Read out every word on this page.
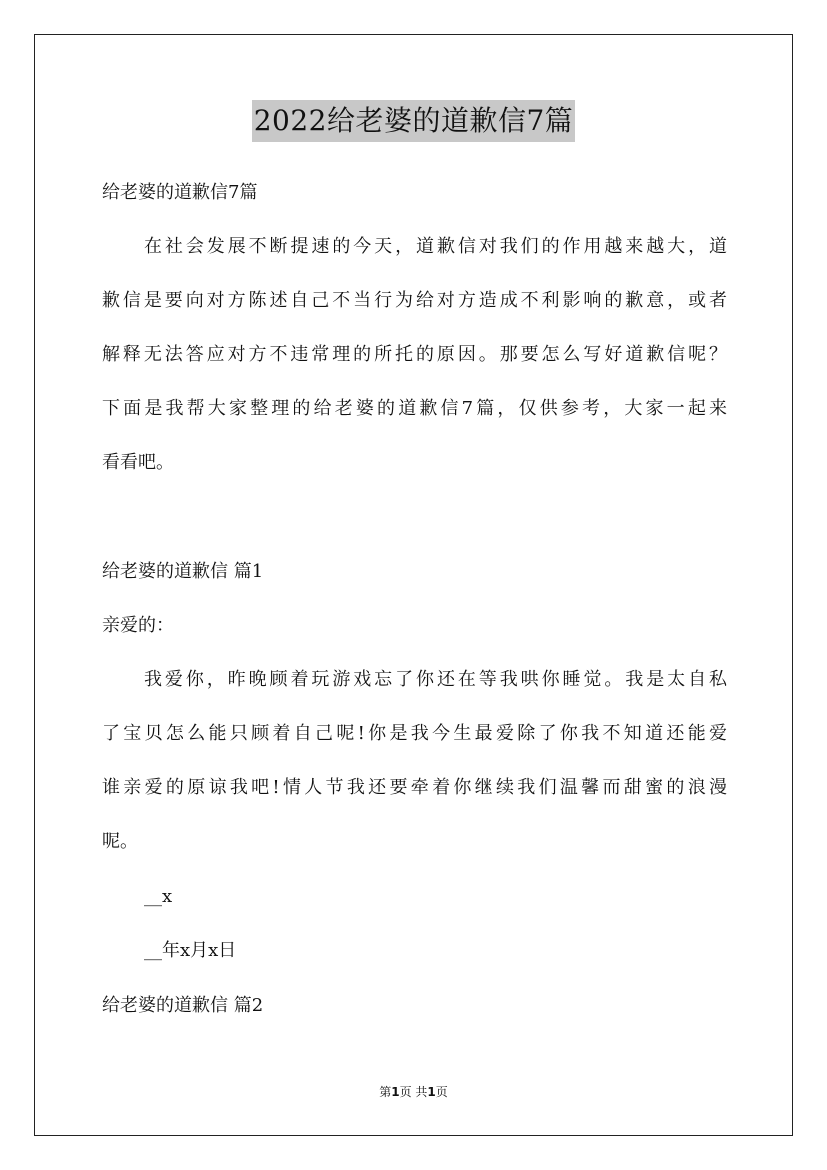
2022给老婆的道歉信7篇
给老婆的道歉信7篇
在社会发展不断提速的今天，道歉信对我们的作用越来越大，道
歉信是要向对方陈述自己不当行为给对方造成不利影响的歉意，或者
解释无法答应对方不违常理的所托的原因。那要怎么写好道歉信呢？
下面是我帮大家整理的给老婆的道歉信7篇，仅供参考，大家一起来
看看吧。
给老婆的道歉信 篇1
亲爱的：
我爱你，昨晚顾着玩游戏忘了你还在等我哄你睡觉。我是太自私
了宝贝怎么能只顾着自己呢!你是我今生最爱除了你我不知道还能爱
谁亲爱的原谅我吧!情人节我还要牵着你继续我们温馨而甜蜜的浪漫
呢。
__x
__年x月x日
给老婆的道歉信 篇2
第1页 共1页
